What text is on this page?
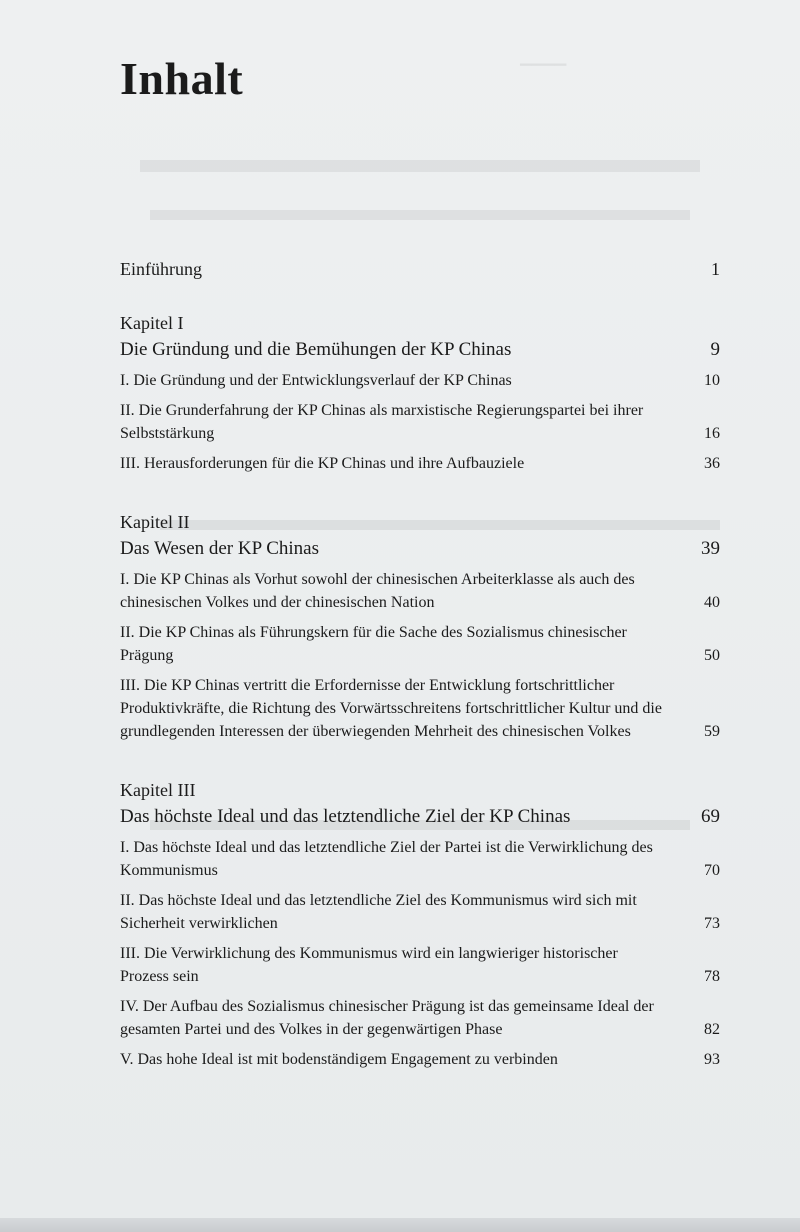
▁▁▁▁
Inhalt
Einführung	1
Kapitel I
Die Gründung und die Bemühungen der KP Chinas	9
I. Die Gründung und der Entwicklungsverlauf der KP Chinas	10
II. Die Grunderfahrung der KP Chinas als marxistische Regierungspartei bei ihrer Selbststärkung	16
III. Herausforderungen für die KP Chinas und ihre Aufbauziele	36
Kapitel II
Das Wesen der KP Chinas	39
I. Die KP Chinas als Vorhut sowohl der chinesischen Arbeiterklasse als auch des chinesischen Volkes und der chinesischen Nation	40
II. Die KP Chinas als Führungskern für die Sache des Sozialismus chinesischer Prägung	50
III. Die KP Chinas vertritt die Erfordernisse der Entwicklung fortschrittlicher Produktivkräfte, die Richtung des Vorwärtsschreitens fortschrittlicher Kultur und die grundlegenden Interessen der überwiegenden Mehrheit des chinesischen Volkes	59
Kapitel III
Das höchste Ideal und das letztendliche Ziel der KP Chinas	69
I. Das höchste Ideal und das letztendliche Ziel der Partei ist die Verwirklichung des Kommunismus	70
II. Das höchste Ideal und das letztendliche Ziel des Kommunismus wird sich mit Sicherheit verwirklichen	73
III. Die Verwirklichung des Kommunismus wird ein langwieriger historischer Prozess sein	78
IV. Der Aufbau des Sozialismus chinesischer Prägung ist das gemeinsame Ideal der gesamten Partei und des Volkes in der gegenwärtigen Phase	82
V. Das hohe Ideal ist mit bodenständigem Engagement zu verbinden	93
